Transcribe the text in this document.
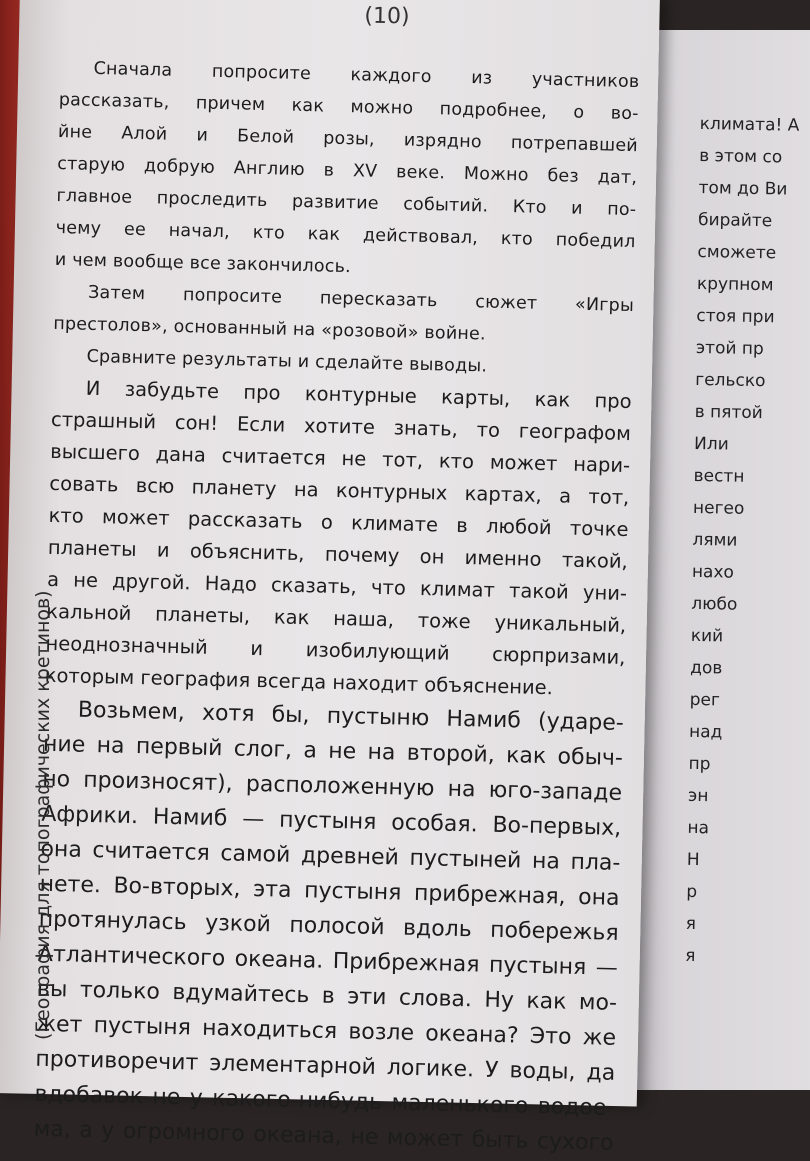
(10)
Сначала попросите каждого из участников
рассказать, причем как можно подробнее, о во-
йне Алой и Белой розы, изрядно потрепавшей
старую добрую Англию в XV веке. Можно без дат,
главное проследить развитие событий. Кто и по-
чему ее начал, кто как действовал, кто победил
и чем вообще все закончилось.
Затем попросите пересказать сюжет «Игры
престолов», основанный на «розовой» войне.
Сравните результаты и сделайте выводы.
И забудьте про контурные карты, как про
страшный сон! Если хотите знать, то географом
высшего дана считается не тот, кто может нари-
совать всю планету на контурных картах, а тот,
кто может рассказать о климате в любой точке
планеты и объяснить, почему он именно такой,
а не другой. Надо сказать, что климат такой уни-
кальной планеты, как наша, тоже уникальный,
неоднозначный и изобилующий сюрпризами,
которым география всегда находит объяснение.
Возьмем, хотя бы, пустыню Намиб (ударе-
ние на первый слог, а не на второй, как обыч-
но произносят), расположенную на юго-западе
Африки. Намиб — пустыня особая. Во-первых,
она считается самой древней пустыней на пла-
нете. Во-вторых, эта пустыня прибрежная, она
протянулась узкой полосой вдоль побережья
Атлантического океана. Прибрежная пустыня —
вы только вдумайтесь в эти слова. Ну как мо-
жет пустыня находиться возле океана? Это же
противоречит элементарной логике. У воды, да
вдобавок не у какого-нибудь маленького водое-
ма, а у огромного океана, не может быть сухого
(География для топографических кретинов)
климата! А
в этом со
том до Ви
бирайте
сможете
крупном
стоя при
этой пр
гельско
в пятой
Или
вестн
негео
лями
нахо
любо
кий
дов
рег
над
пр
эн
на
Н
р
я
я
